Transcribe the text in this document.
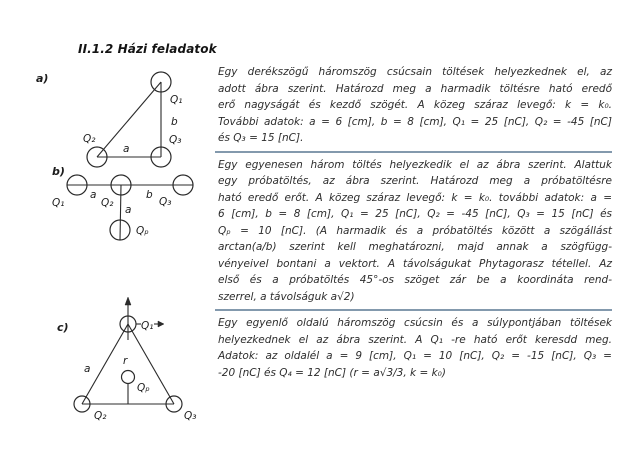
II.1.2 Házi feladatok
a)
Q₁
b
Q₃
Q₂
a
b)
Q₁
a
Q₂
b
Q₃
a
Qₚ
c)	Q₁
a
r
Qₚ
Q₂	Q₃
Egy derékszögű háromszög csúcsain töltések helyezkednek el, az
adott ábra szerint. Határozd meg a harmadik töltésre ható eredő
erő nagyságát és kezdő szögét. A közeg száraz levegő: k = k₀.
További adatok: a = 6 [cm], b = 8 [cm], Q₁ = 25 [nC], Q₂ = -45 [nC]
és Q₃ = 15 [nC].
Egy egyenesen három töltés helyezkedik el az ábra szerint. Alattuk
egy próbatöltés, az ábra szerint. Határozd meg a próbatöltésre
ható eredő erőt. A közeg száraz levegő: k = k₀. további adatok: a =
6 [cm], b = 8 [cm], Q₁ = 25 [nC], Q₂ = -45 [nC], Q₃ = 15 [nC] és
Qₚ = 10 [nC]. (A harmadik és a próbatöltés között a szögállást
arctan(a/b) szerint kell meghatározni, majd annak a szögfügg-
vényeivel bontani a vektort. A távolságukat Phytagorasz tétellel. Az
első és a próbatöltés 45°-os szöget zár be a koordináta rend-
szerrel, a távolságuk a√2)
Egy egyenlő oldalú háromszög csúcsin és a súlypontjában töltések
helyezkednek el az ábra szerint. A Q₁ -re ható erőt keresdd meg.
Adatok: az oldalél a = 9 [cm], Q₁ = 10 [nC], Q₂ = -15 [nC], Q₃ =
-20 [nC] és Q₄ = 12 [nC] (r = a√3/3, k = k₀)
